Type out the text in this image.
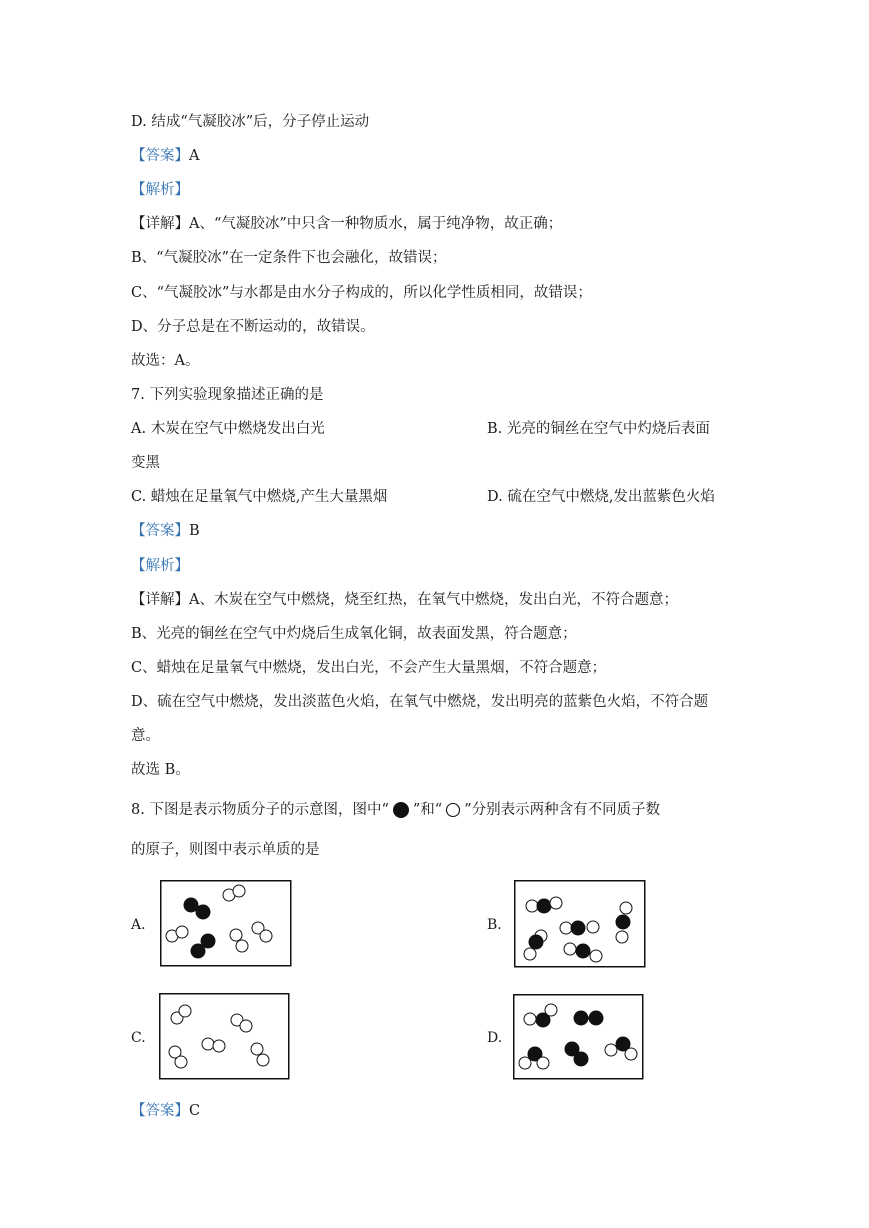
D. 结成“气凝胶冰”后，分子停止运动
【答案】A
【解析】
【详解】A、“气凝胶冰”中只含一种物质水，属于纯净物，故正确；
B、“气凝胶冰”在一定条件下也会融化，故错误；
C、“气凝胶冰”与水都是由水分子构成的，所以化学性质相同，故错误；
D、分子总是在不断运动的，故错误。
故选：A。
7. 下列实验现象描述正确的是
A. 木炭在空气中燃烧发出白光	B. 光亮的铜丝在空气中灼烧后表面
变黑
C. 蜡烛在足量氧气中燃烧,产生大量黑烟	D. 硫在空气中燃烧,发出蓝紫色火焰
【答案】B
【解析】
【详解】A、木炭在空气中燃烧，烧至红热，在氧气中燃烧，发出白光，不符合题意；
B、光亮的铜丝在空气中灼烧后生成氧化铜，故表面发黑，符合题意；
C、蜡烛在足量氧气中燃烧，发出白光，不会产生大量黑烟，不符合题意；
D、硫在空气中燃烧，发出淡蓝色火焰，在氧气中燃烧，发出明亮的蓝紫色火焰，不符合题
意。
故选 B。
8. 下图是表示物质分子的示意图，图中“ ”和“ ”分别表示两种含有不同质子数
的原子，则图中表示单质的是
A.	B.
C.	D.
【答案】C
